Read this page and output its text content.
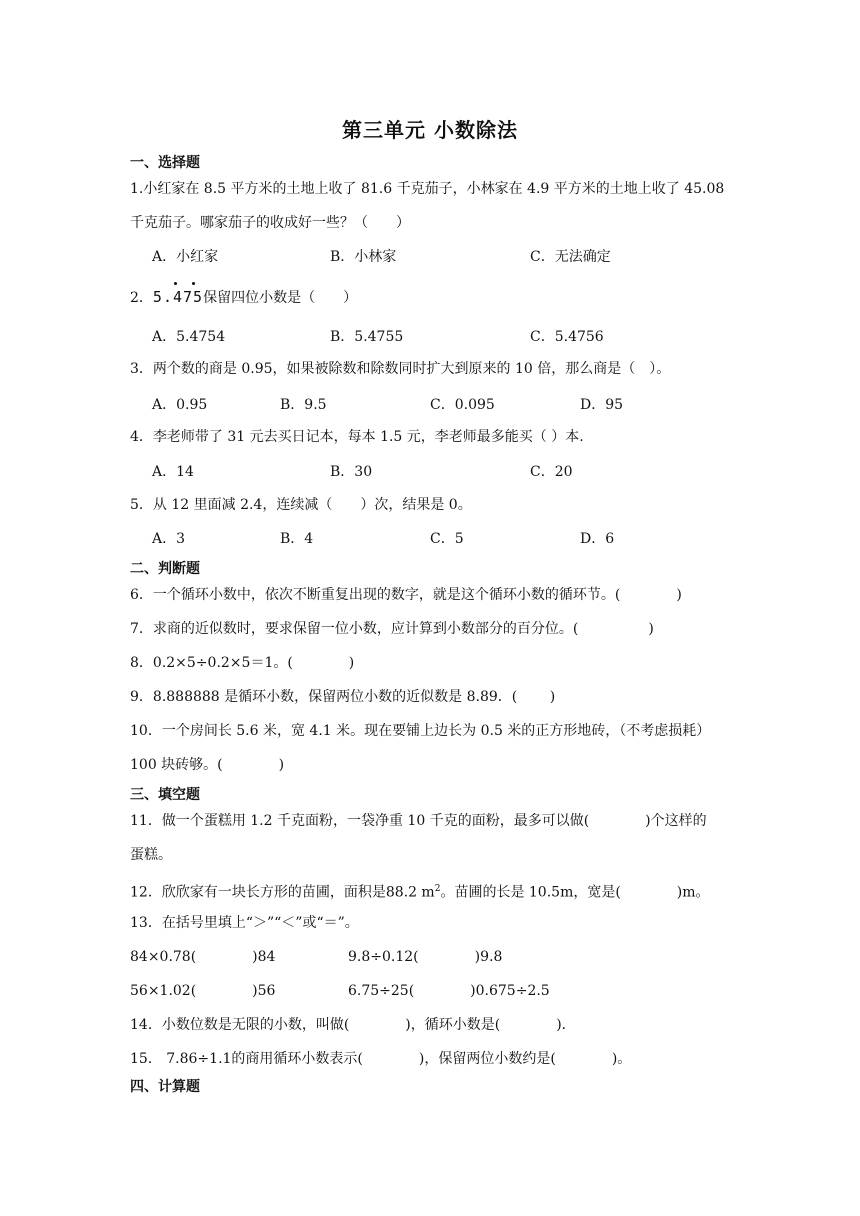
第三单元 小数除法
一、选择题
1.小红家在 8.5 平方米的土地上收了 81.6 千克茄子，小林家在 4.9 平方米的土地上收了 45.08
千克茄子。哪家茄子的收成好一些？（　　）
A．小红家	B．小林家	C．无法确定
2．5.475
保留四位小数是（　　）
A．5.4754	B．5.4755	C．5.4756
3．两个数的商是 0.95，如果被除数和除数同时扩大到原来的 10 倍，那么商是（　）。
A．0.95	B．9.5	C．0.095	D．95
4．李老师带了 31 元去买日记本，每本 1.5 元，李老师最多能买（ ）本.
A．14	B．30	C．20
5．从 12 里面减 2.4，连续减（　　）次，结果是 0。
A．3	B．4	C．5	D．6
二、判断题
6．一个循环小数中，依次不断重复出现的数字，就是这个循环小数的循环节。(　　　　)
7．求商的近似数时，要求保留一位小数，应计算到小数部分的百分位。(　　　　　)
8．0.2×5÷0.2×5＝1。(　　　　)
9．8.888888 是循环小数，保留两位小数的近似数是 8.89．(　　 )
10．一个房间长 5.6 米，宽 4.1 米。现在要铺上边长为 0.5 米的正方形地砖，（不考虑损耗）
100 块砖够。(　　　　)
三、填空题
11．做一个蛋糕用 1.2 千克面粉，一袋净重 10 千克的面粉，最多可以做(　　　　)个这样的
蛋糕。
12．欣欣家有一块长方形的苗圃，面积是88.2 $m^2$。苗圃的长是 10.5m，宽是(　　　　)m。
13．在括号里填上“＞”“＜”或“＝”。
84×0.78(　　　　)84	9.8÷0.12(　　　　)9.8
56×1.02(　　　　)56	6.75÷25(　　　　)0.675÷2.5
14．小数位数是无限的小数，叫做(　　　　)，循环小数是(　　　　)．
15． 7.86÷1.1的商用循环小数表示(　　　　)，保留两位小数约是(　　　　)。
四、计算题
